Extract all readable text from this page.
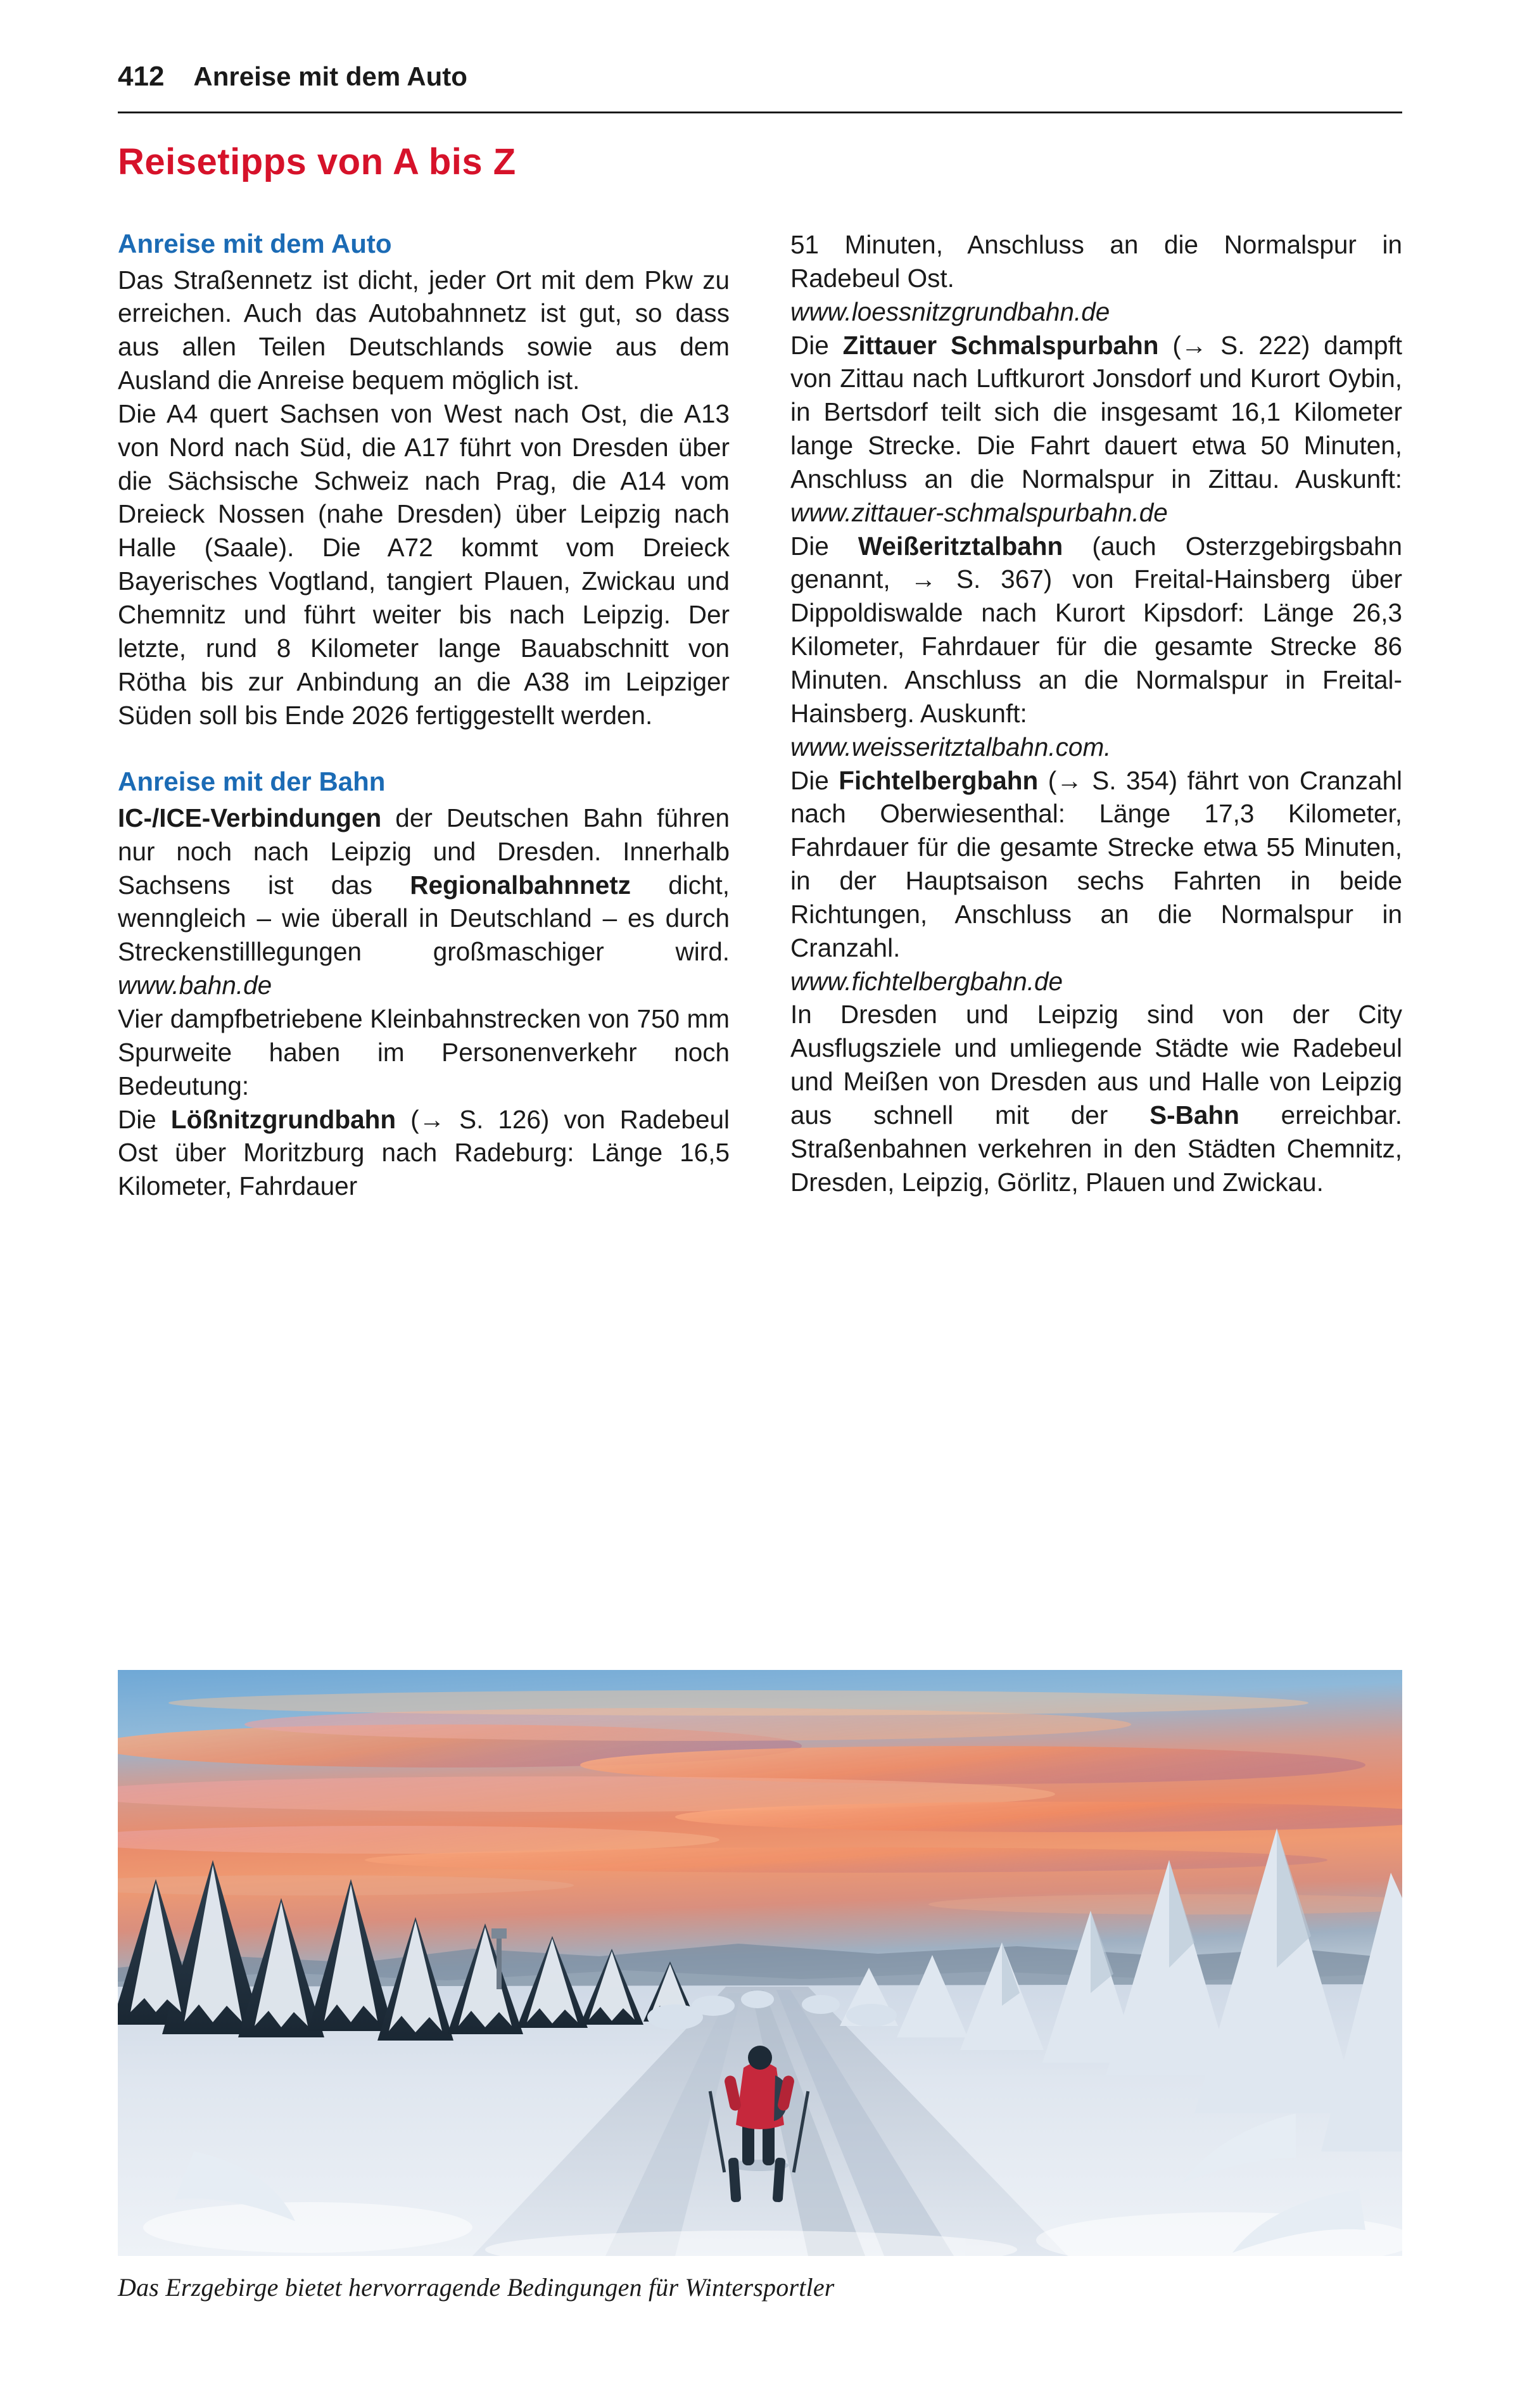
412 Anreise mit dem Auto
Reisetipps von A bis Z
Anreise mit dem Auto

Das Straßennetz ist dicht, jeder Ort mit dem Pkw zu erreichen. Auch das Autobahnnetz ist gut, so dass aus allen Teilen Deutschlands sowie aus dem Ausland die Anreise bequem möglich ist.

Die A4 quert Sachsen von West nach Ost, die A13 von Nord nach Süd, die A17 führt von Dresden über die Sächsische Schweiz nach Prag, die A14 vom Dreieck Nossen (nahe Dresden) über Leipzig nach Halle (Saale). Die A72 kommt vom Dreieck Bayerisches Vogtland, tangiert Plauen, Zwickau und Chemnitz und führt weiter bis nach Leipzig. Der letzte, rund 8 Kilometer lange Bauabschnitt von Rötha bis zur Anbindung an die A38 im Leipziger Süden soll bis Ende 2026 fertiggestellt werden.

Anreise mit der Bahn

IC-/ICE-Verbindungen der Deutschen Bahn führen nur noch nach Leipzig und Dresden. Innerhalb Sachsens ist das Regionalbahnnetz dicht, wenngleich – wie überall in Deutschland – es durch Streckenstilllegungen großmaschiger wird. www.bahn.de

Vier dampfbetriebene Kleinbahnstrecken von 750 mm Spurweite haben im Personenverkehr noch Bedeutung:

Die Lößnitzgrundbahn (→ S. 126) von Radebeul Ost über Moritzburg nach Radeburg: Länge 16,5 Kilometer, Fahrdauer

51 Minuten, Anschluss an die Normalspur in Radebeul Ost.

www.loessnitzgrundbahn.de

Die Zittauer Schmalspurbahn (→ S. 222) dampft von Zittau nach Luftkurort Jonsdorf und Kurort Oybin, in Bertsdorf teilt sich die insgesamt 16,1 Kilometer lange Strecke. Die Fahrt dauert etwa 50 Minuten, Anschluss an die Normalspur in Zittau. Auskunft: www.zittauer-schmalspurbahn.de

Die Weißeritztalbahn (auch Osterzgebirgsbahn genannt, → S. 367) von Freital-Hainsberg über Dippoldiswalde nach Kurort Kipsdorf: Länge 26,3 Kilometer, Fahrdauer für die gesamte Strecke 86 Minuten. Anschluss an die Normalspur in Freital-Hainsberg. Auskunft:

www.weisseritztalbahn.com.

Die Fichtelbergbahn (→ S. 354) fährt von Cranzahl nach Oberwiesenthal: Länge 17,3 Kilometer, Fahrdauer für die gesamte Strecke etwa 55 Minuten, in der Hauptsaison sechs Fahrten in beide Richtungen, Anschluss an die Normalspur in Cranzahl.

www.fichtelbergbahn.de

In Dresden und Leipzig sind von der City Ausflugsziele und umliegende Städte wie Radebeul und Meißen von Dresden aus und Halle von Leipzig aus schnell mit der S-Bahn erreichbar. Straßenbahnen verkehren in den Städten Chemnitz, Dresden, Leipzig, Görlitz, Plauen und Zwickau.

Das Erzgebirge bietet hervorragende Bedingungen für Wintersportler
